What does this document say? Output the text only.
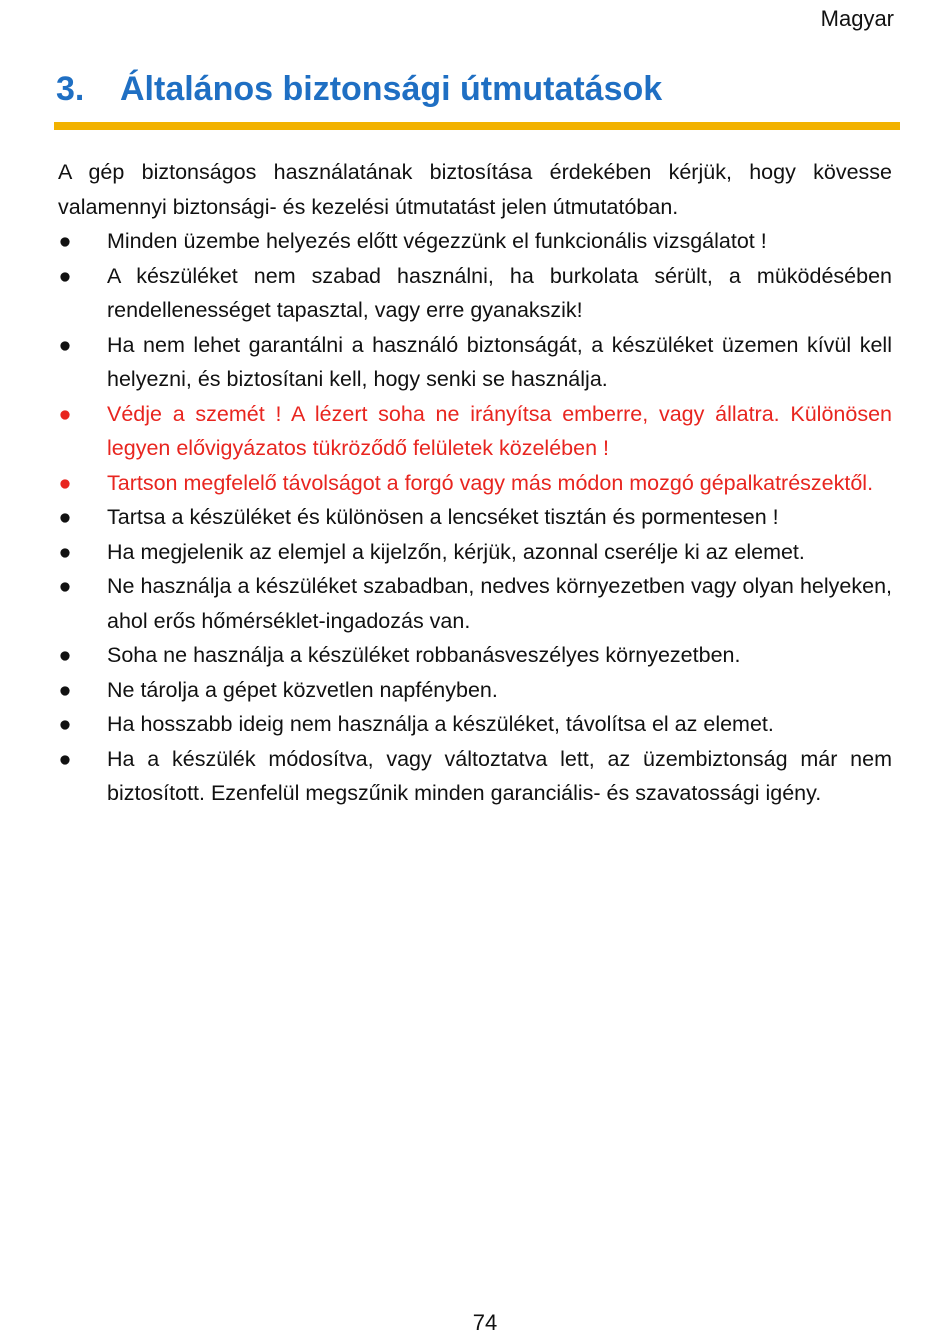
Magyar
3. Általános biztonsági útmutatások

A gép biztonságos használatának biztosítása érdekében kérjük, hogy kövesse valamennyi biztonsági- és kezelési útmutatást jelen útmutatóban.

● Minden üzembe helyezés előtt végezzünk el funkcionális vizsgálatot !
● A készüléket nem szabad használni, ha burkolata sérült, a müködésében rendellenességet tapasztal, vagy erre gyanakszik!
● Ha nem lehet garantálni a használó biztonságát, a készüléket üzemen kívül kell helyezni, és biztosítani kell, hogy senki se használja.
● Védje a szemét ! A lézert soha ne irányítsa emberre, vagy állatra. Különösen legyen elővigyázatos tükröződő felületek közelében !
● Tartson megfelelő távolságot a forgó vagy más módon mozgó gépalkatrészektől.
● Tartsa a készüléket és különösen a lencséket tisztán és pormentesen !
● Ha megjelenik az elemjel a kijelzőn, kérjük, azonnal cserélje ki az elemet.
● Ne használja a készüléket szabadban, nedves környezetben vagy olyan helyeken, ahol erős hőmérséklet-ingadozás van.
● Soha ne használja a készüléket robbanásveszélyes környezetben.
● Ne tárolja a gépet közvetlen napfényben.
● Ha hosszabb ideig nem használja a készüléket, távolítsa el az elemet.
● Ha a készülék módosítva, vagy változtatva lett, az üzembiztonság már nem biztosított. Ezenfelül megszűnik minden garanciális- és szavatossági igény.
74
